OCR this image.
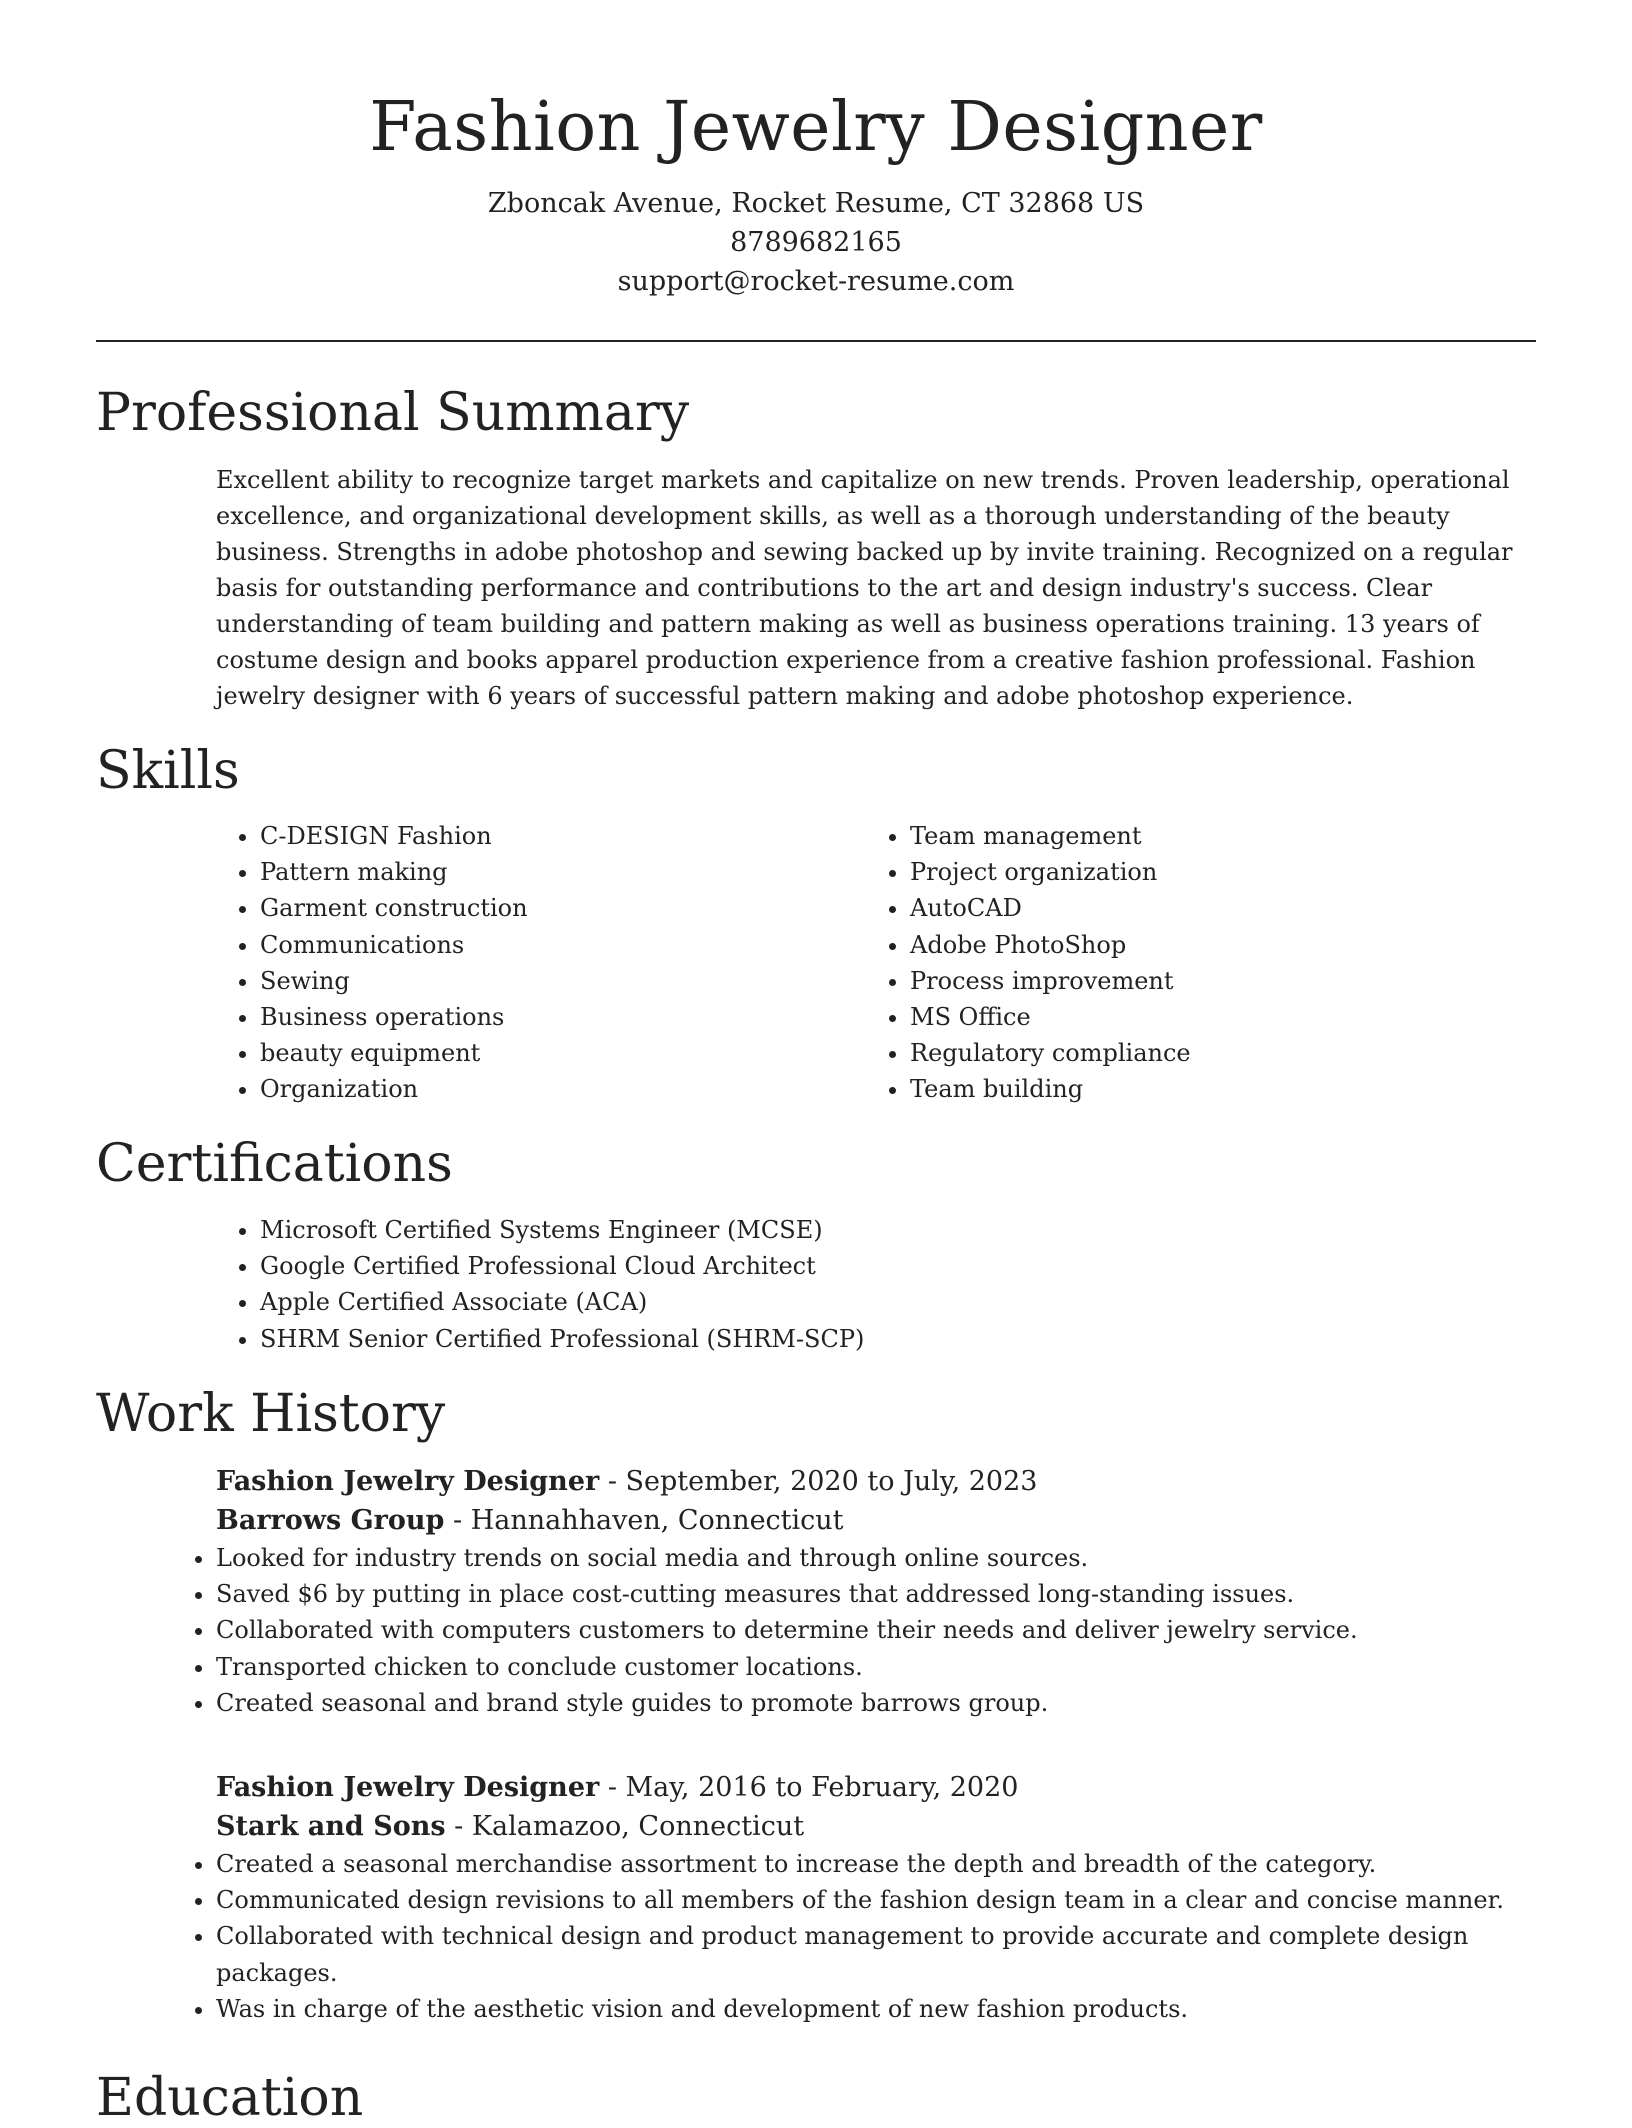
Fashion Jewelry Designer
Zboncak Avenue, Rocket Resume, CT 32868 US
8789682165
support@rocket-resume.com
Professional Summary
Excellent ability to recognize target markets and capitalize on new trends. Proven leadership, operational excellence, and organizational development skills, as well as a thorough understanding of the beauty business. Strengths in adobe photoshop and sewing backed up by invite training. Recognized on a regular basis for outstanding performance and contributions to the art and design industry's success. Clear understanding of team building and pattern making as well as business operations training. 13 years of costume design and books apparel production experience from a creative fashion professional. Fashion jewelry designer with 6 years of successful pattern making and adobe photoshop experience.
Skills
• C-DESIGN Fashion
• Pattern making
• Garment construction
• Communications
• Sewing
• Business operations
• beauty equipment
• Organization
• Team management
• Project organization
• AutoCAD
• Adobe PhotoShop
• Process improvement
• MS Office
• Regulatory compliance
• Team building
Certifications
• Microsoft Certified Systems Engineer (MCSE)
• Google Certified Professional Cloud Architect
• Apple Certified Associate (ACA)
• SHRM Senior Certified Professional (SHRM-SCP)
Work History
Fashion Jewelry Designer - September, 2020 to July, 2023
Barrows Group - Hannahhaven, Connecticut
• Looked for industry trends on social media and through online sources.
• Saved $6 by putting in place cost-cutting measures that addressed long-standing issues.
• Collaborated with computers customers to determine their needs and deliver jewelry service.
• Transported chicken to conclude customer locations.
• Created seasonal and brand style guides to promote barrows group.
Fashion Jewelry Designer - May, 2016 to February, 2020
Stark and Sons - Kalamazoo, Connecticut
• Created a seasonal merchandise assortment to increase the depth and breadth of the category.
• Communicated design revisions to all members of the fashion design team in a clear and concise manner.
• Collaborated with technical design and product management to provide accurate and complete design packages.
• Was in charge of the aesthetic vision and development of new fashion products.
Education
